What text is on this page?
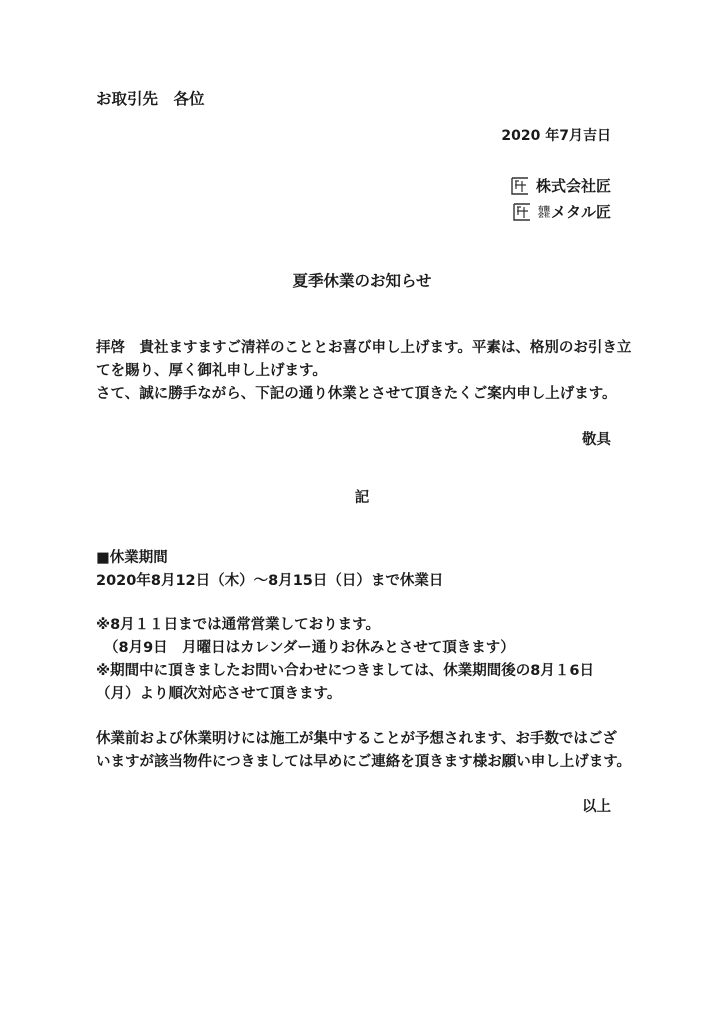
お取引先　各位
2020 年7月吉日
株式会社匠
有限
会社 メタル匠
夏季休業のお知らせ
拝啓　貴社ますますご清祥のこととお喜び申し上げます。平素は、格別のお引き立
てを賜り、厚く御礼申し上げます。
さて、誠に勝手ながら、下記の通り休業とさせて頂きたくご案内申し上げます。
敬具
記
■休業期間
2020年8月12日（木）～8月15日（日）まで休業日
※8月１１日までは通常営業しております。
（8月9日　月曜日はカレンダー通りお休みとさせて頂きます）
※期間中に頂きましたお問い合わせにつきましては、休業期間後の8月１6日
（月）より順次対応させて頂きます。
休業前および休業明けには施工が集中することが予想されます、お手数ではござ
いますが該当物件につきましては早めにご連絡を頂きます様お願い申し上げます。
以上
